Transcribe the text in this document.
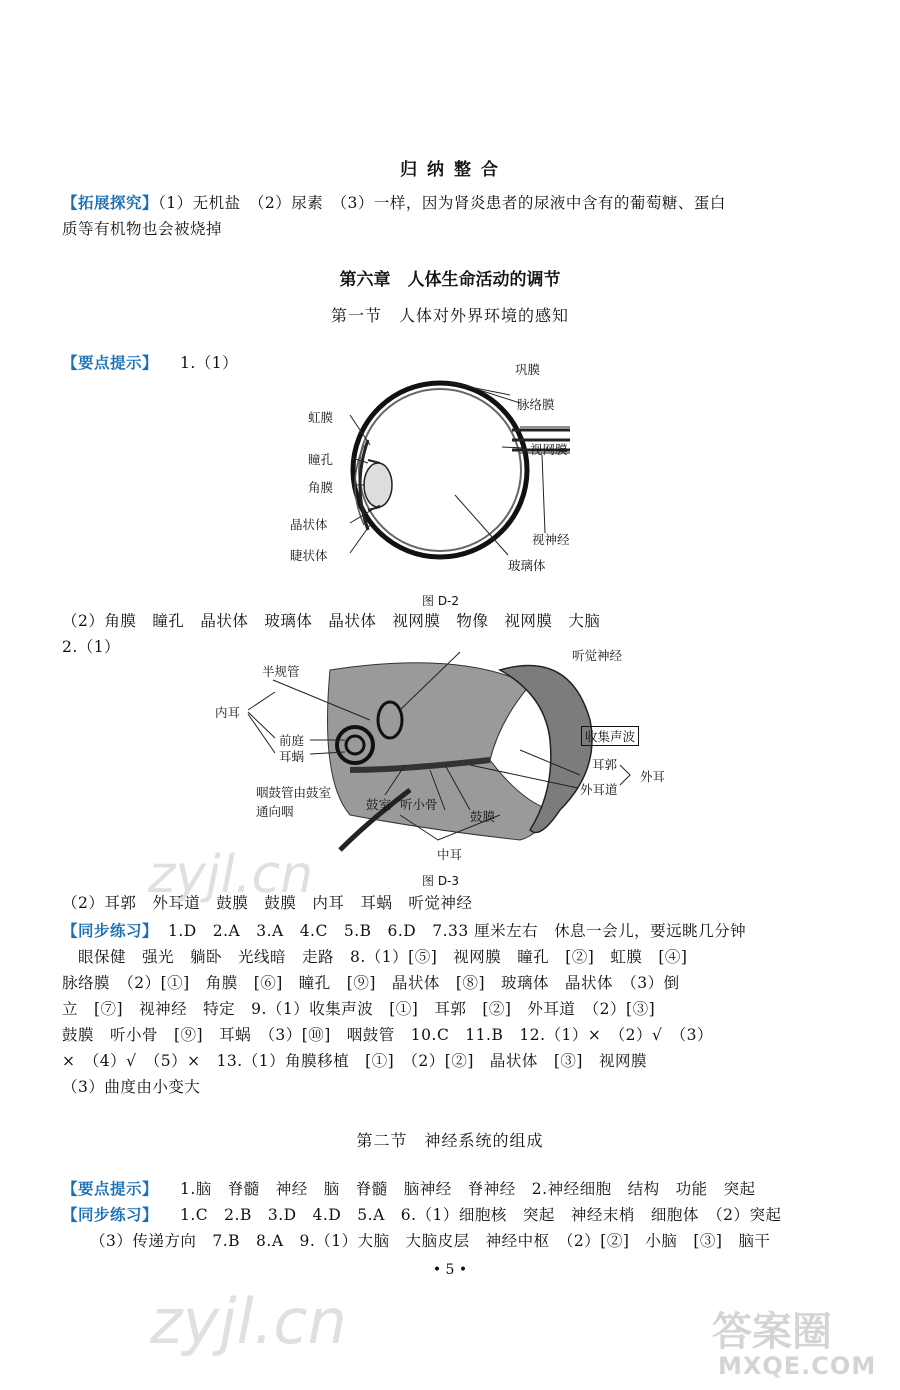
归 纳 整 合
【拓展探究】（1）无机盐　（2）尿素　（3）一样，因为肾炎患者的尿液中含有的葡萄糖、蛋白
质等有机物也会被烧掉
第六章　人体生命活动的调节
第一节　人体对外界环境的感知
【要点提示】 1.（1）	巩膜
脉络膜
视网膜
虹膜
瞳孔
角膜
晶状体
睫状体
视神经
玻璃体
图 D-2
（2）角膜　瞳孔　晶状体　玻璃体　晶状体　视网膜　物像　视网膜　大脑
2.（1）
半规管
听觉神经
内耳
前庭
耳蜗
收集声波
耳郭
外耳道
外耳
咽鼓管由鼓室
通向咽	鼓室 听小骨
鼓膜
中耳
图 D-3
（2）耳郭　外耳道　鼓膜　鼓膜　内耳　耳蜗　听觉神经
【同步练习】 1.D　2.A　3.A　4.C　5.B　6.D　7.33 厘米左右　休息一会儿，要远眺几分钟
　眼保健　强光　躺卧　光线暗　走路　8.（1）[⑤]　视网膜　瞳孔　[②]　虹膜　[④]
脉络膜　（2）[①]　角膜　[⑥]　瞳孔　[⑨]　晶状体　[⑧]　玻璃体　晶状体　（3）倒
立　[⑦]　视神经　特定　9.（1）收集声波　[①]　耳郭　[②]　外耳道　（2）[③]
鼓膜　听小骨　[⑨]　耳蜗　（3）[⑩]　咽鼓管　10.C　11.B　12.（1）×　（2）√　（3）
×　（4）√　（5）×　13.（1）角膜移植　[①]　（2）[②]　晶状体　[③]　视网膜
（3）曲度由小变大
第二节　神经系统的组成
【要点提示】 1.脑　脊髓　神经　脑　脊髓　脑神经　脊神经　2.神经细胞　结构　功能　突起
【同步练习】 1.C　2.B　3.D　4.D　5.A　6.（1）细胞核　突起　神经末梢　细胞体　（2）突起
（3）传递方向　7.B　8.A　9.（1）大脑　大脑皮层　神经中枢　（2）[②]　小脑　[③]　脑干
• 5 •
zyjl.cn
zyjl.cn	答案圈
MXQE.COM
